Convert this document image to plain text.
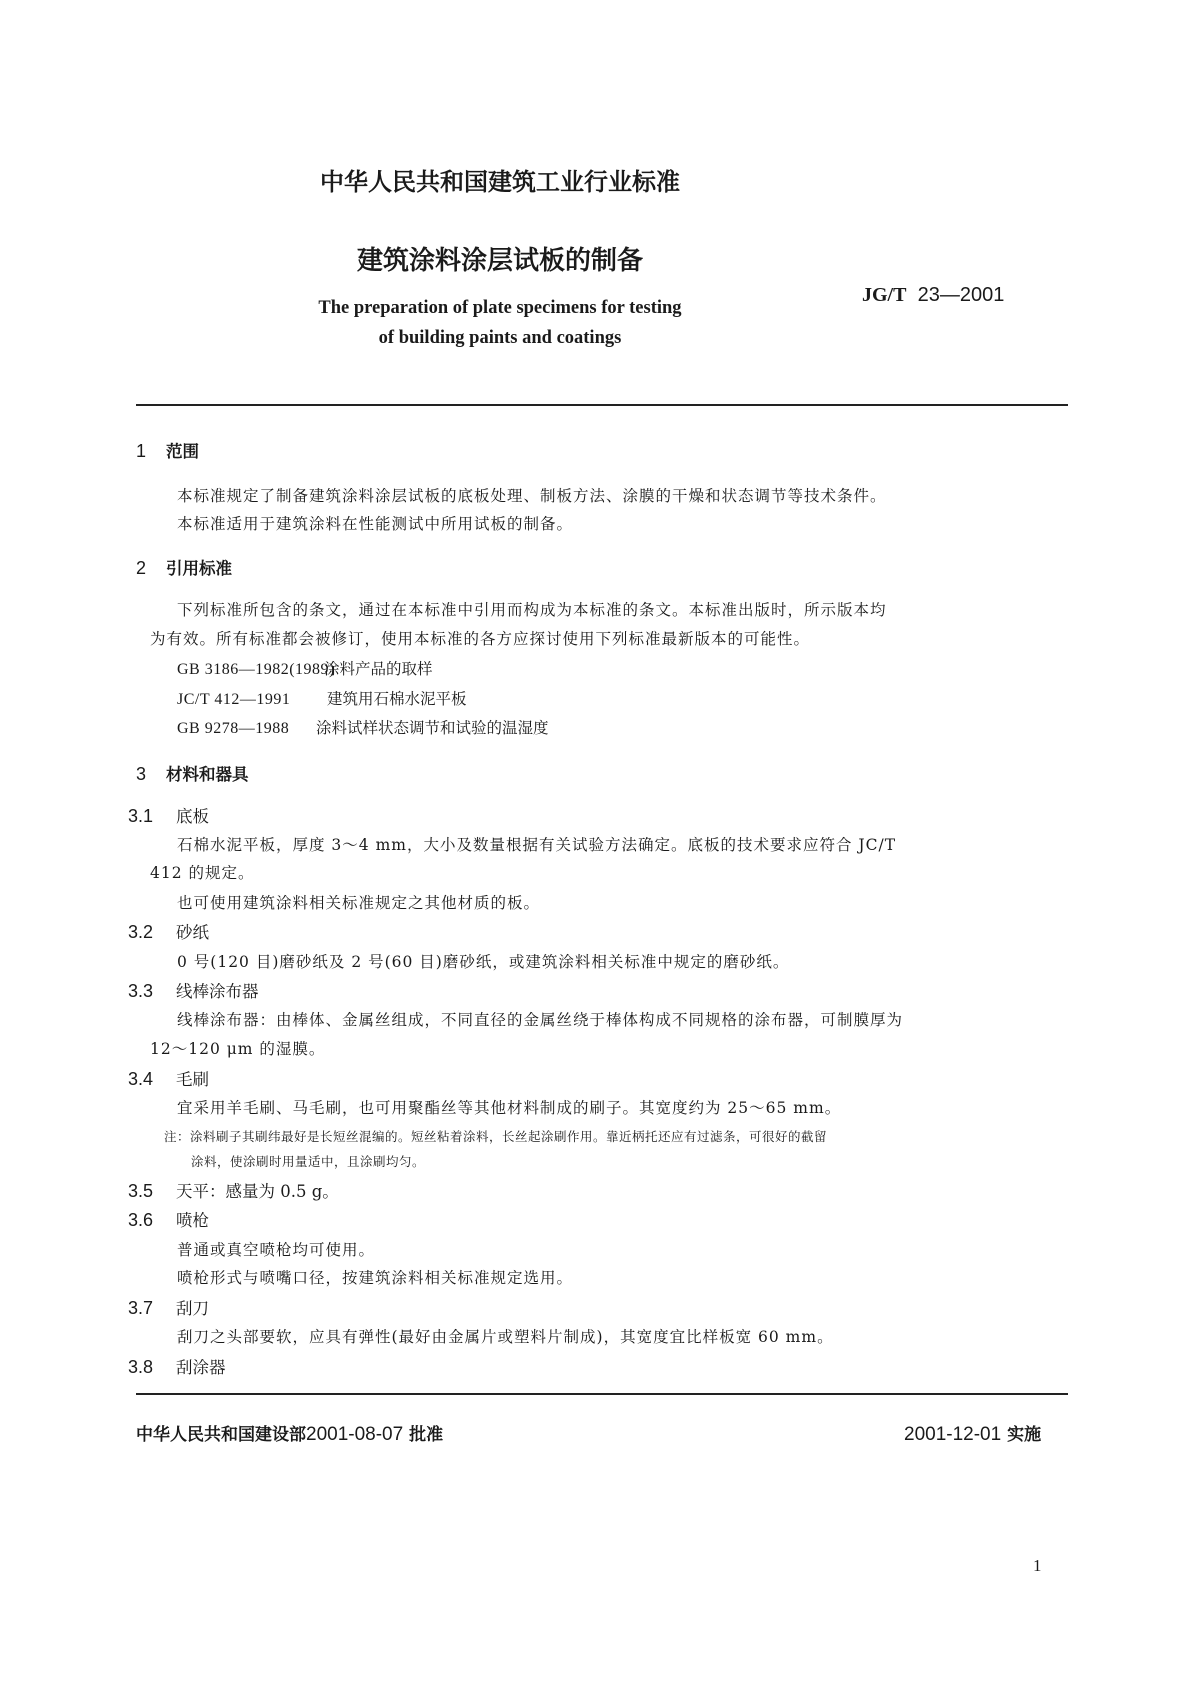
中华人民共和国建筑工业行业标准
建筑涂料涂层试板的制备
JG/T 23—2001
The preparation of plate specimens for testing
of building paints and coatings
1 范围
本标准规定了制备建筑涂料涂层试板的底板处理、制板方法、涂膜的干燥和状态调节等技术条件。
本标准适用于建筑涂料在性能测试中所用试板的制备。
2 引用标准
下列标准所包含的条文，通过在本标准中引用而构成为本标准的条文。本标准出版时，所示版本均
为有效。所有标准都会被修订，使用本标准的各方应探讨使用下列标准最新版本的可能性。
GB 3186—1982(1989)涂料产品的取样
JC/T 412—1991 建筑用石棉水泥平板
GB 9278—1988 涂料试样状态调节和试验的温湿度
3 材料和器具
3.1 底板
石棉水泥平板，厚度 3～4 mm，大小及数量根据有关试验方法确定。底板的技术要求应符合 JC/T
412 的规定。
也可使用建筑涂料相关标准规定之其他材质的板。
3.2 砂纸
0 号(120 目)磨砂纸及 2 号(60 目)磨砂纸，或建筑涂料相关标准中规定的磨砂纸。
3.3 线棒涂布器
线棒涂布器：由棒体、金属丝组成，不同直径的金属丝绕于棒体构成不同规格的涂布器，可制膜厚为
12～120 μm 的湿膜。
3.4 毛刷
宜采用羊毛刷、马毛刷，也可用聚酯丝等其他材料制成的刷子。其宽度约为 25～65 mm。
注：涂料刷子其刷纬最好是长短丝混编的。短丝粘着涂料，长丝起涂刷作用。靠近柄托还应有过滤条，可很好的截留
涂料，使涂刷时用量适中，且涂刷均匀。
3.5 天平：感量为 0.5 g。
3.6 喷枪
普通或真空喷枪均可使用。
喷枪形式与喷嘴口径，按建筑涂料相关标准规定选用。
3.7 刮刀
刮刀之头部要软，应具有弹性(最好由金属片或塑料片制成)，其宽度宜比样板宽 60 mm。
3.8 刮涂器
中华人民共和国建设部2001-08-07 批准	2001-12-01 实施
1
